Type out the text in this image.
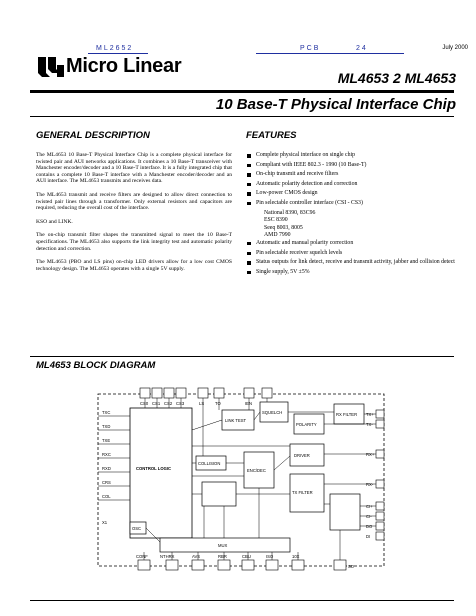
ML2652	PCB	24	July 2000
Micro Linear
ML4653 2 ML4653
10 Base-T Physical Interface Chip
GENERAL DESCRIPTION

The ML4653 10 Base-T Physical Interface Chip is a complete physical interface for twisted pair and AUI networks applications. It combines a 10 Base-T transceiver with Manchester encoder/decoder and a 10 Base-T interface. It is a fully integrated chip that contains a complete 10 Base-T interface with a Manchester encoder/decoder and an AUI interface. The ML4653 transmits and receives data.

The ML4653 transmit and receive filters are designed to allow direct connection to twisted pair lines through a transformer. Only external resistors and capacitors are required, reducing the overall cost of the interface.

KSO and LINK.

The on-chip transmit filter shapes the transmitted signal to meet the 10 Base-T specifications. The ML4653 also supports the link integrity test and automatic polarity detection and correction.

The ML4653 (PBO and LS pins) on-chip LED drivers allow for a low cost CMOS technology design. The ML4653 operates with a single 5V supply.

FEATURES
Complete physical interface on single chip
Compliant with IEEE 802.3 - 1990 (10 Base-T)
On-chip transmit and receive filters
Automatic polarity detection and correction
Low-power CMOS design
Pin selectable controller interface (CSI - CS3)
National 8390, 83C96
ESC 8390
Seeq 8003, 8005
AMD 7990
Automatic and manual polarity correction
Pin selectable receiver squelch levels
Status outputs for link detect, receive and transmit activity, jabber and collision detect
Single supply, 5V ±5%
ML4653 BLOCK DIAGRAM
CS0 CS1 CS2 CS3	LS	TO	IEN
CONTROL LOGIC
TXC
TXD
TXE
RXC
RXD
CRS
COL
X1
OSC
LINK TEST
SQUELCH
POLARITY
RX FILTER
COLLISION
ENC/DEC
DRIVER
TX FILTER
MUX
TX+
TX-
RX+
RX-
CI+
CI-
DO
DI
CONF	NTHRX	AVS	RBR	CBU	ISO	10X
SO
